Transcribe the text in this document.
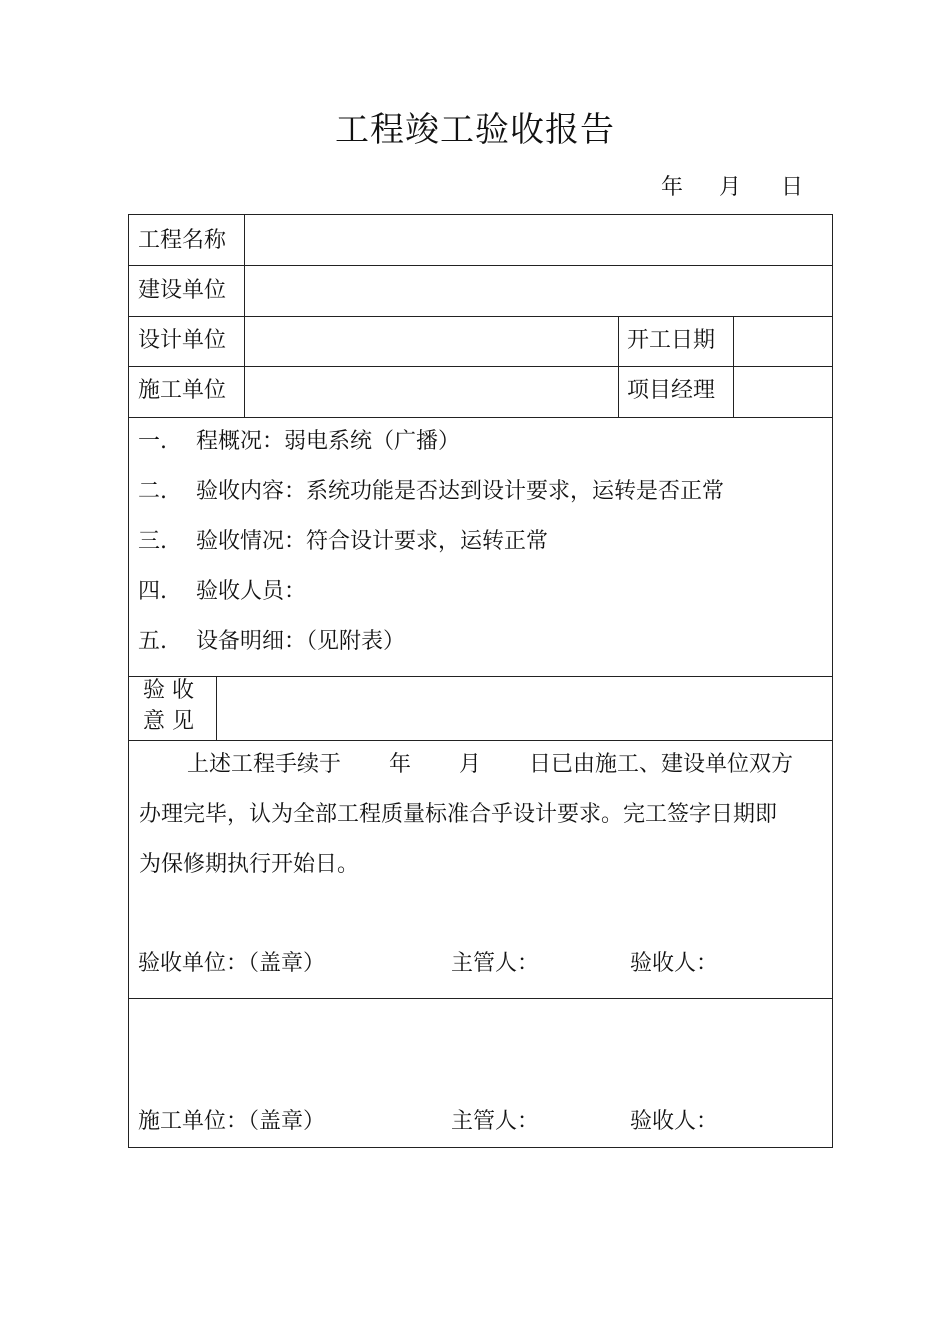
工程竣工验收报告
年 月 日
工程名称
建设单位
设计单位	开工日期
施工单位	项目经理
一. 程概况：弱电系统（广播）
二. 验收内容：系统功能是否达到设计要求，运转是否正常
三. 验收情况：符合设计要求，运转正常
四. 验收人员：
五. 设备明细：（见附表）
验 收
意 见
上述工程手续于 年 月 日已由施工、建设单位双方
办理完毕，认为全部工程质量标准合乎设计要求。完工签字日期即
为保修期执行开始日。
验收单位：（盖章）	主管人：	验收人：
施工单位：（盖章）	主管人：	验收人：
